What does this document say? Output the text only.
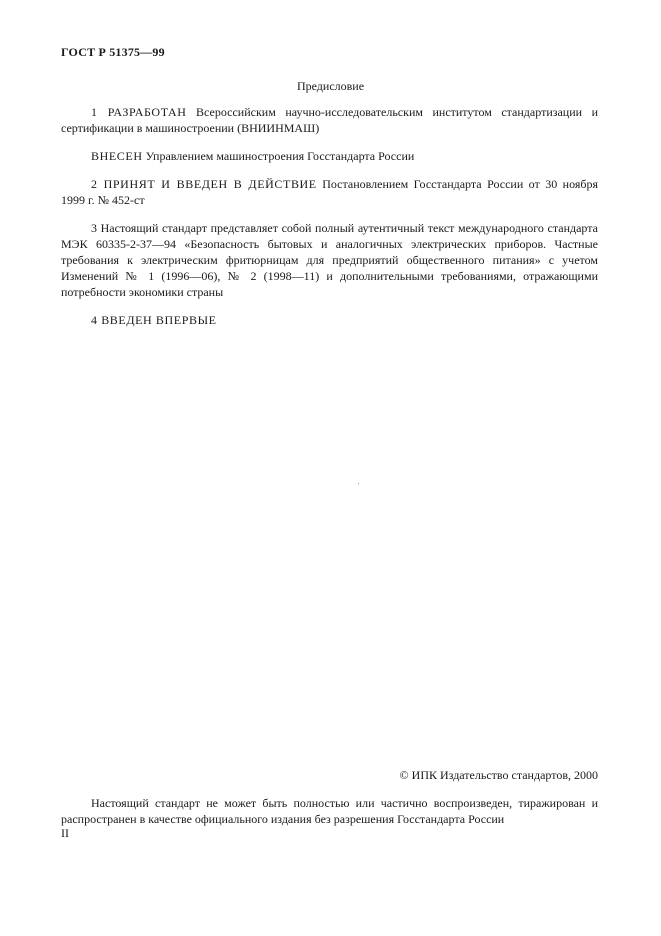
ГОСТ Р 51375—99
Предисловие

1 РАЗРАБОТАН Всероссийским научно-исследовательским институтом стандартизации и сертификации в машиностроении (ВНИИНМАШ)

ВНЕСЕН Управлением машиностроения Госстандарта России

2 ПРИНЯТ И ВВЕДЕН В ДЕЙСТВИЕ Постановлением Госстандарта России от 30 ноября 1999 г. № 452-ст

3 Настоящий стандарт представляет собой полный аутентичный текст международного стандарта МЭК 60335-2-37—94 «Безопасность бытовых и аналогичных электрических приборов. Частные требования к электрическим фритюрницам для предприятий общественного питания» с учетом Изменений № 1 (1996—06), № 2 (1998—11) и дополнительными требованиями, отражающими потребности экономики страны

4 ВВЕДЕН ВПЕРВЫЕ

© ИПК Издательство стандартов, 2000

Настоящий стандарт не может быть полностью или частично воспроизведен, тиражирован и распространен в качестве официального издания без разрешения Госстандарта России

II
